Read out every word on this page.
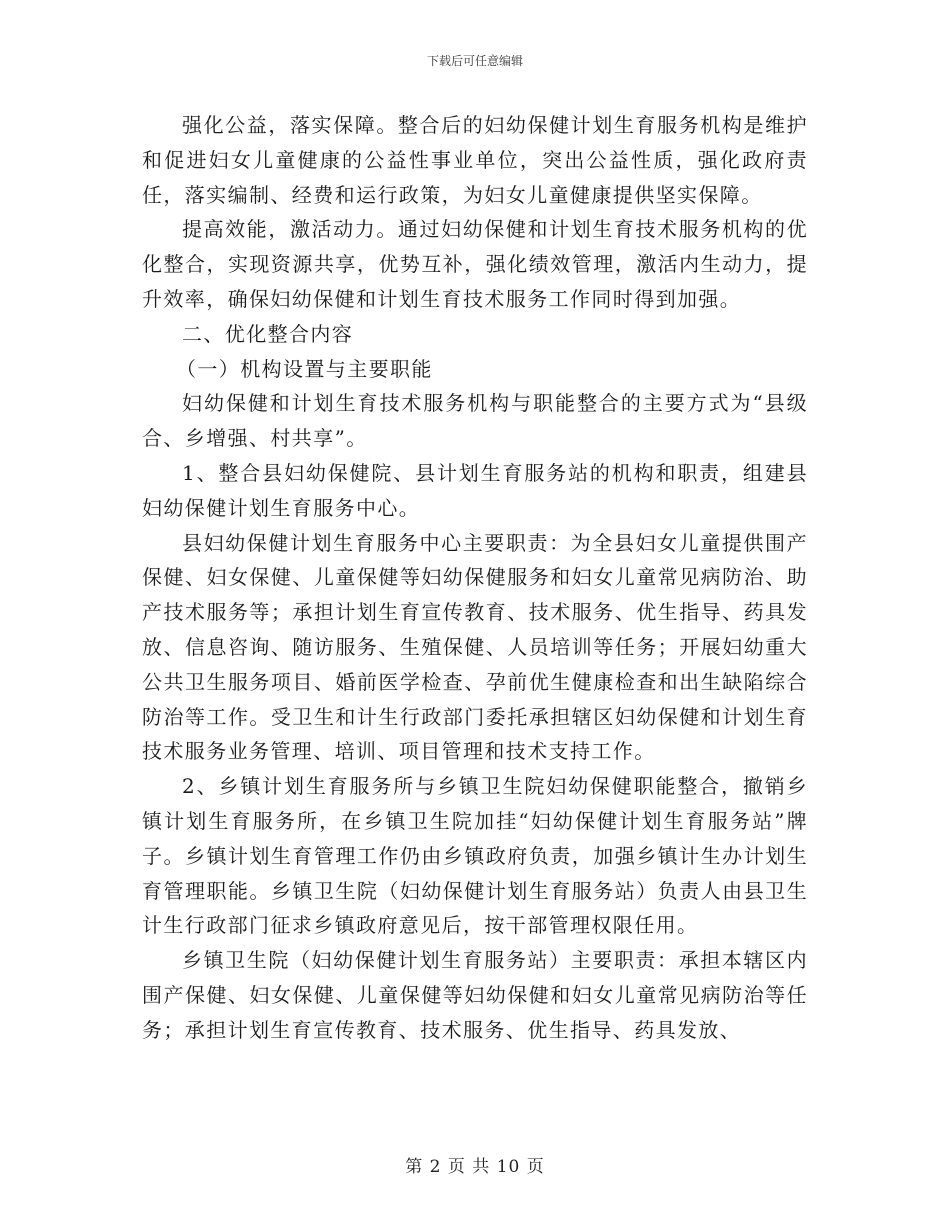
下载后可任意编辑

强化公益，落实保障。整合后的妇幼保健计划生育服务机构是维护和促进妇女儿童健康的公益性事业单位，突出公益性质，强化政府责任，落实编制、经费和运行政策，为妇女儿童健康提供坚实保障。

提高效能，激活动力。通过妇幼保健和计划生育技术服务机构的优化整合，实现资源共享，优势互补，强化绩效管理，激活内生动力，提升效率，确保妇幼保健和计划生育技术服务工作同时得到加强。

二、优化整合内容

（一）机构设置与主要职能

妇幼保健和计划生育技术服务机构与职能整合的主要方式为“县级合、乡增强、村共享”。

1、整合县妇幼保健院、县计划生育服务站的机构和职责，组建县妇幼保健计划生育服务中心。

县妇幼保健计划生育服务中心主要职责：为全县妇女儿童提供围产保健、妇女保健、儿童保健等妇幼保健服务和妇女儿童常见病防治、助产技术服务等；承担计划生育宣传教育、技术服务、优生指导、药具发放、信息咨询、随访服务、生殖保健、人员培训等任务；开展妇幼重大公共卫生服务项目、婚前医学检查、孕前优生健康检查和出生缺陷综合防治等工作。受卫生和计生行政部门委托承担辖区妇幼保健和计划生育技术服务业务管理、培训、项目管理和技术支持工作。

2、乡镇计划生育服务所与乡镇卫生院妇幼保健职能整合，撤销乡镇计划生育服务所，在乡镇卫生院加挂“妇幼保健计划生育服务站”牌子。乡镇计划生育管理工作仍由乡镇政府负责，加强乡镇计生办计划生育管理职能。乡镇卫生院（妇幼保健计划生育服务站）负责人由县卫生计生行政部门征求乡镇政府意见后，按干部管理权限任用。

乡镇卫生院（妇幼保健计划生育服务站）主要职责：承担本辖区内围产保健、妇女保健、儿童保健等妇幼保健和妇女儿童常见病防治等任务；承担计划生育宣传教育、技术服务、优生指导、药具发放、

第 2 页 共 10 页
